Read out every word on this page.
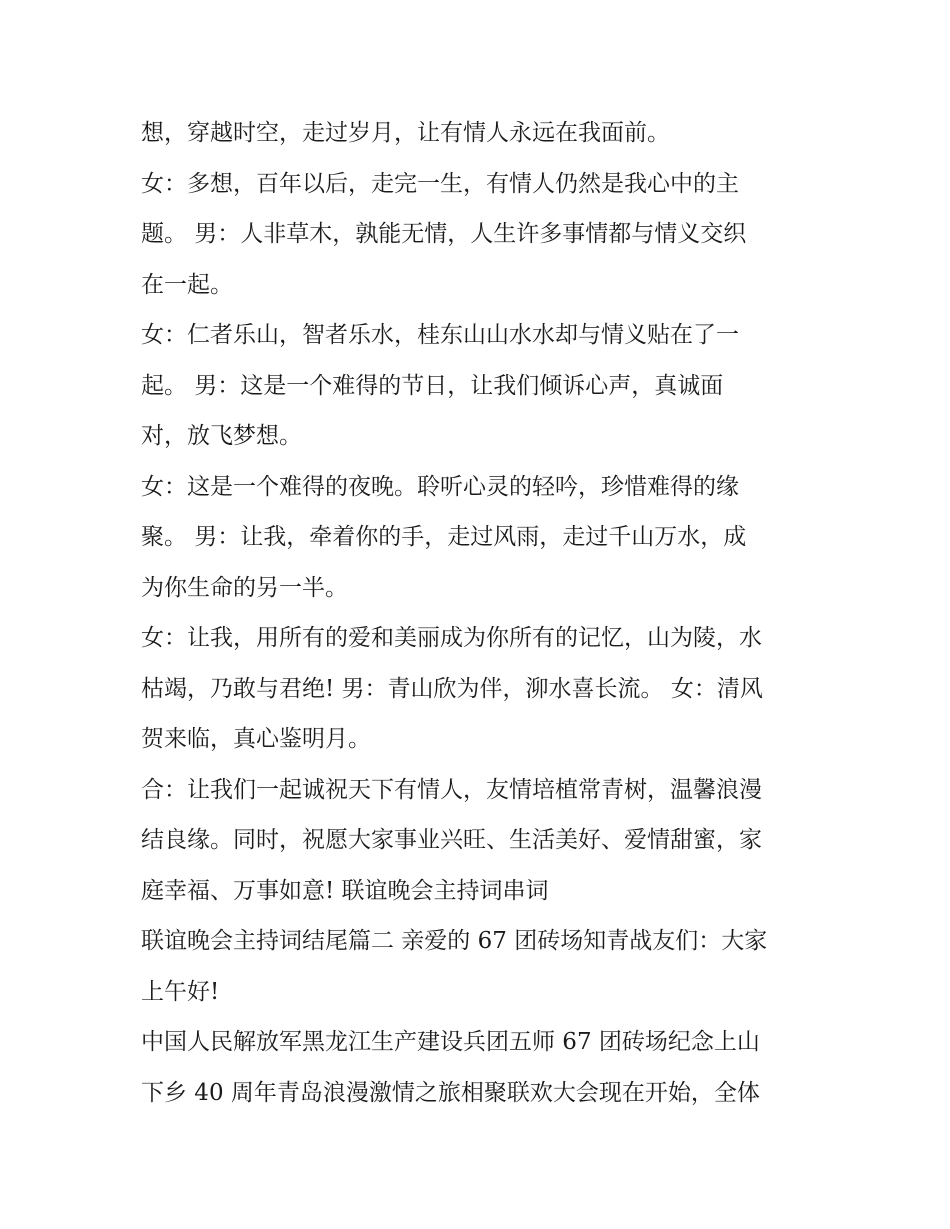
想，穿越时空，走过岁月，让有情人永远在我面前。
女：多想，百年以后，走完一生，有情人仍然是我心中的主
题。 男：人非草木，孰能无情，人生许多事情都与情义交织
在一起。
女：仁者乐山，智者乐水，桂东山山水水却与情义贴在了一
起。 男：这是一个难得的节日，让我们倾诉心声，真诚面
对，放飞梦想。
女：这是一个难得的夜晚。聆听心灵的轻吟，珍惜难得的缘
聚。 男：让我，牵着你的手，走过风雨，走过千山万水，成
为你生命的另一半。
女：让我，用所有的爱和美丽成为你所有的记忆，山为陵，水
枯竭，乃敢与君绝! 男：青山欣为伴，泖水喜长流。 女：清风
贺来临，真心鉴明月。
合：让我们一起诚祝天下有情人，友情培植常青树，温馨浪漫
结良缘。同时，祝愿大家事业兴旺、生活美好、爱情甜蜜，家
庭幸福、万事如意! 联谊晚会主持词串词
联谊晚会主持词结尾篇二 亲爱的 67 团砖场知青战友们：大家
上午好!
中国人民解放军黑龙江生产建设兵团五师 67 团砖场纪念上山
下乡 40 周年青岛浪漫激情之旅相聚联欢大会现在开始，全体
